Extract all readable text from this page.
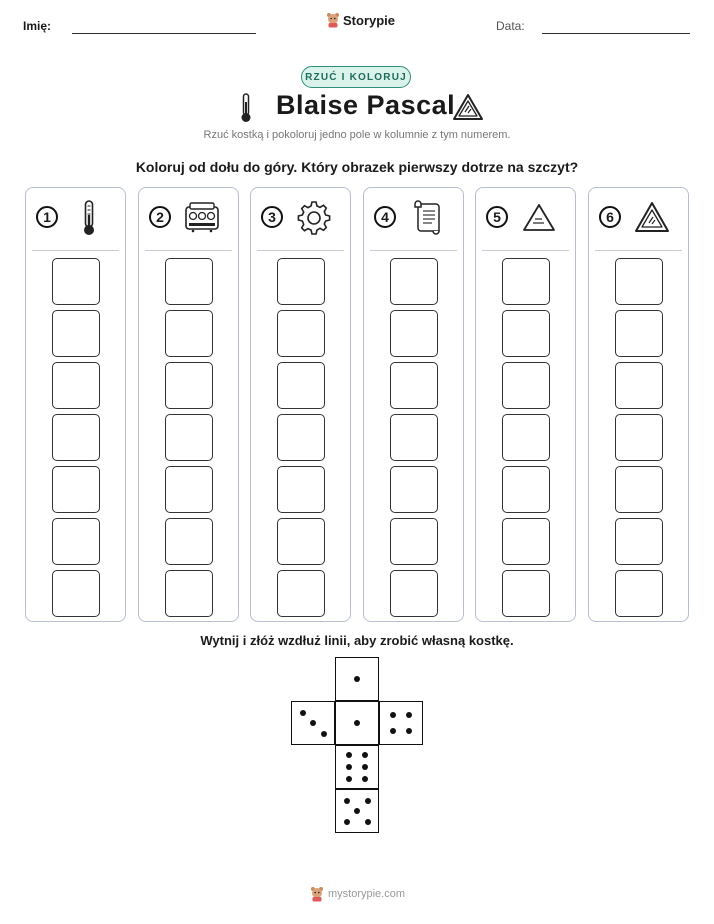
Imię:	Storypie	Data:
RZUĆ I KOLORUJ
Blaise Pascal
Rzuć kostką i pokoloruj jedno pole w kolumnie z tym numerem.
Koloruj od dołu do góry. Który obrazek pierwszy dotrze na szczyt?
1	2	3	4	5	6
Wytnij i złóż wzdłuż linii, aby zrobić własną kostkę.
mystorypie.com
